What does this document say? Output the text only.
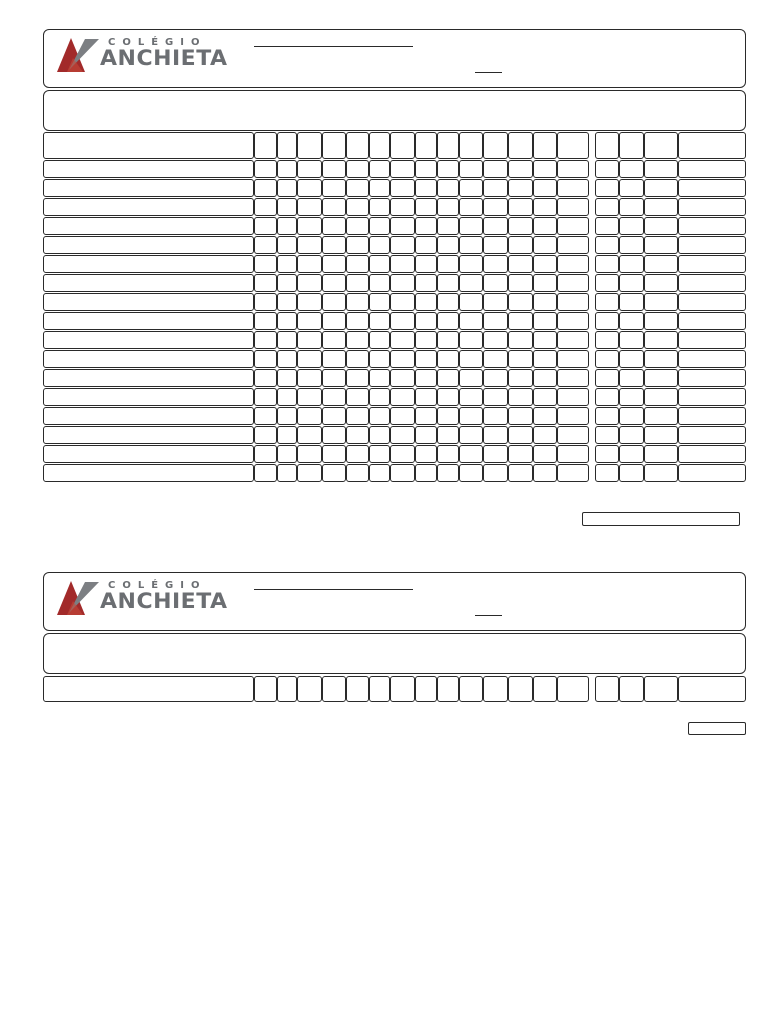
COLÉGIO
ANCHIETA
COLÉGIO
ANCHIETA
